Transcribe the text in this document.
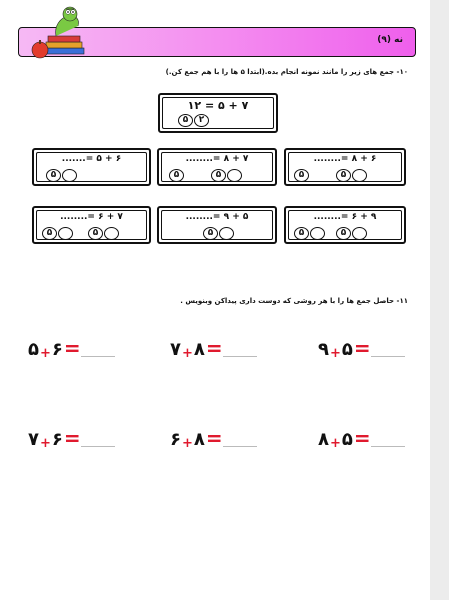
نه (۹)
۱۰- جمع های زیر را مانند نمونه انجام بده.(ابتدا ۵ ها را با هم جمع کن.)
۷ + ۵ = ۱۲
۵	۲
۶ + ۵ =.......
۵
۷ + ۸ =........
۵	۵
۶ + ۸ =........
۵	۵
۷ + ۶ =........
۵	۵
۵ + ۹ =........
۵
۹ + ۶ =........
۵	۵
۱۱- حاصل جمع ها را با هر روشی که دوست داری پیداکن وبنویس .
۵+۶=	۷+۸=	۹+۵=
۷+۶=	۶+۸=	۸+۵=
